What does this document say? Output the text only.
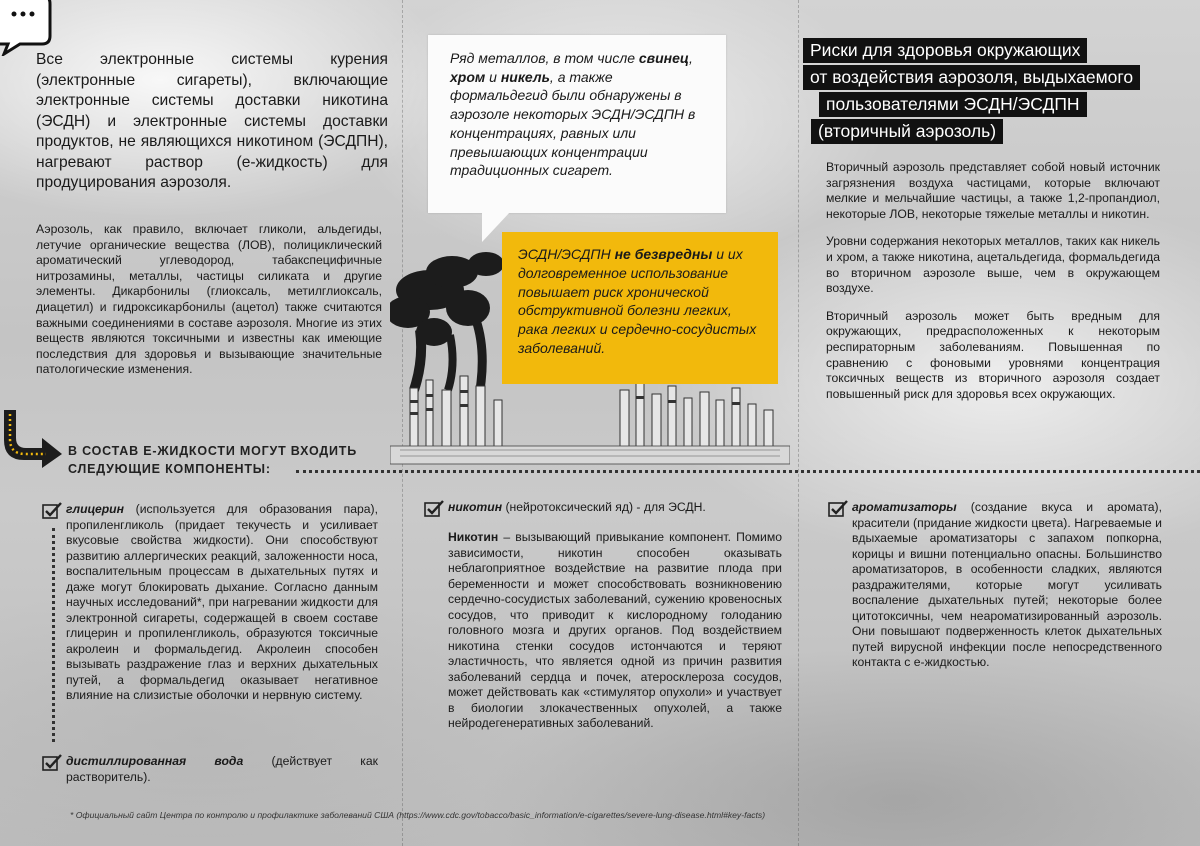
Все электронные системы курения (электронные сигареты), включающие электронные системы доставки никотина (ЭСДН) и электронные системы доставки продуктов, не являющихся никотином (ЭСДПН), нагревают раствор (е-жидкость) для продуцирования аэрозоля.

Аэрозоль, как правило, включает гликоли, альдегиды, летучие органические вещества (ЛОВ), полициклический ароматический углеводород, табакспецифичные нитрозамины, металлы, частицы силиката и другие элементы. Дикарбонилы (глиоксаль, метилглиоксаль, диацетил) и гидроксикарбонилы (ацетол) также считаются важными соединениями в составе аэрозоля. Многие из этих веществ являются токсичными и известны как имеющие последствия для здоровья и вызывающие значительные патологические изменения.

Ряд металлов, в том числе свинец, хром и никель, а также формальдегид были обнаружены в аэрозоле некоторых ЭСДН/ЭСДПН в концентрациях, равных или превышающих концентрации традиционных сигарет.
ЭСДН/ЭСДПН не безвредны и их долговременное использование повышает риск хронической обструктивной болезни легких, рака легких и сердечно-сосудистых заболеваний.
Риски для здоровья окружающих
от воздействия аэрозоля, выдыхаемого
пользователями ЭСДН/ЭСДПН
(вторичный аэрозоль)

Вторичный аэрозоль представляет собой новый источник загрязнения воздуха частицами, которые включают мелкие и мельчайшие частицы, а также 1,2-пропандиол, некоторые ЛОВ, некоторые тяжелые металлы и никотин.

Уровни содержания некоторых металлов, таких как никель и хром, а также никотина, ацетальдегида, формальдегида во вторичном аэрозоле выше, чем в окружающем воздухе.

Вторичный аэрозоль может быть вредным для окружающих, предрасположенных к некоторым респираторным заболеваниям. Повышенная по сравнению с фоновыми уровнями концентрация токсичных веществ из вторичного аэрозоля создает повышенный риск для здоровья всех окружающих.

В СОСТАВ Е-ЖИДКОСТИ МОГУТ ВХОДИТЬ
СЛЕДУЮЩИЕ КОМПОНЕНТЫ:
глицерин (используется для образования пара), пропиленгликоль (придает текучесть и усиливает вкусовые свойства жидкости). Они способствуют развитию аллергических реакций, заложенности носа, воспалительным процессам в дыхательных путях и даже могут блокировать дыхание. Согласно данным научных исследований*, при нагревании жидкости для электронной сигареты, содержащей в своем составе глицерин и пропиленгликоль, образуются токсичные акролеин и формальдегид. Акролеин способен вызывать раздражение глаз и верхних дыхательных путей, а формальдегид оказывает негативное влияние на слизистые оболочки и нервную систему.
дистиллированная вода (действует как растворитель).
никотин (нейротоксический яд) - для ЭСДН.
Никотин – вызывающий привыкание компонент. Помимо зависимости, никотин способен оказывать неблагоприятное воздействие на развитие плода при беременности и может способствовать возникновению сердечно-сосудистых заболеваний, сужению кровеносных сосудов, что приводит к кислородному голоданию головного мозга и других органов. Под воздействием никотина стенки сосудов истончаются и теряют эластичность, что является одной из причин развития заболеваний сердца и почек, атеросклероза сосудов, может действовать как «стимулятор опухоли» и участвует в биологии злокачественных опухолей, а также нейродегенеративных заболеваний.
ароматизаторы (создание вкуса и аромата), красители (придание жидкости цвета). Нагреваемые и вдыхаемые ароматизаторы с запахом попкорна, корицы и вишни потенциально опасны. Большинство ароматизаторов, в особенности сладких, являются раздражителями, которые могут усиливать воспаление дыхательных путей; некоторые более цитотоксичны, чем неароматизированный аэрозоль. Они повышают подверженность клеток дыхательных путей вирусной инфекции после непосредственного контакта с е-жидкостью.
* Официальный сайт Центра по контролю и профилактике заболеваний США (https://www.cdc.gov/tobacco/basic_information/e-cigarettes/severe-lung-disease.html#key-facts)
